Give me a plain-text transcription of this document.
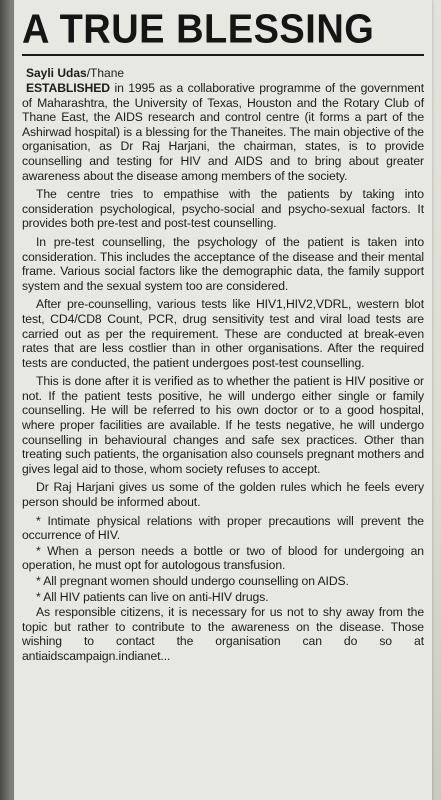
A TRUE BLESSING
Sayli Udas/Thane

ESTABLISHED in 1995 as a collaborative programme of the government of Maharashtra, the University of Texas, Houston and the Rotary Club of Thane East, the AIDS research and control centre (it forms a part of the Ashirwad hospital) is a blessing for the Thaneites. The main objective of the organisation, as Dr Raj Harjani, the chairman, states, is to provide counselling and testing for HIV and AIDS and to bring about greater awareness about the disease among members of the society.

The centre tries to empathise with the patients by taking into consideration psychological, psycho-social and psycho-sexual factors. It provides both pre-test and post-test counselling.

In pre-test counselling, the psychology of the patient is taken into consideration. This includes the acceptance of the disease and their mental frame. Various social factors like the demographic data, the family support system and the sexual system too are considered.

After pre-counselling, various tests like HIV1,HIV2,VDRL, western blot test, CD4/CD8 Count, PCR, drug sensitivity test and viral load tests are carried out as per the requirement. These are conducted at break-even rates that are less costlier than in other organisations. After the required tests are conducted, the patient undergoes post-test counselling.

This is done after it is verified as to whether the patient is HIV positive or not. If the patient tests positive, he will undergo either single or family counselling. He will be referred to his own doctor or to a good hospital, where proper facilities are available. If he tests negative, he will undergo counselling in behavioural changes and safe sex practices. Other than treating such patients, the organisation also counsels pregnant mothers and gives legal aid to those, whom society refuses to accept.

Dr Raj Harjani gives us some of the golden rules which he feels every person should be informed about.

* Intimate physical relations with proper precautions will prevent the occurrence of HIV.

* When a person needs a bottle or two of blood for undergoing an operation, he must opt for autologous transfusion.

* All pregnant women should undergo counselling on AIDS.

* All HIV patients can live on anti-HIV drugs.

As responsible citizens, it is necessary for us not to shy away from the topic but rather to contribute to the awareness on the disease. Those wishing to contact the organisation can do so at antiaidscampaign.indianet...
